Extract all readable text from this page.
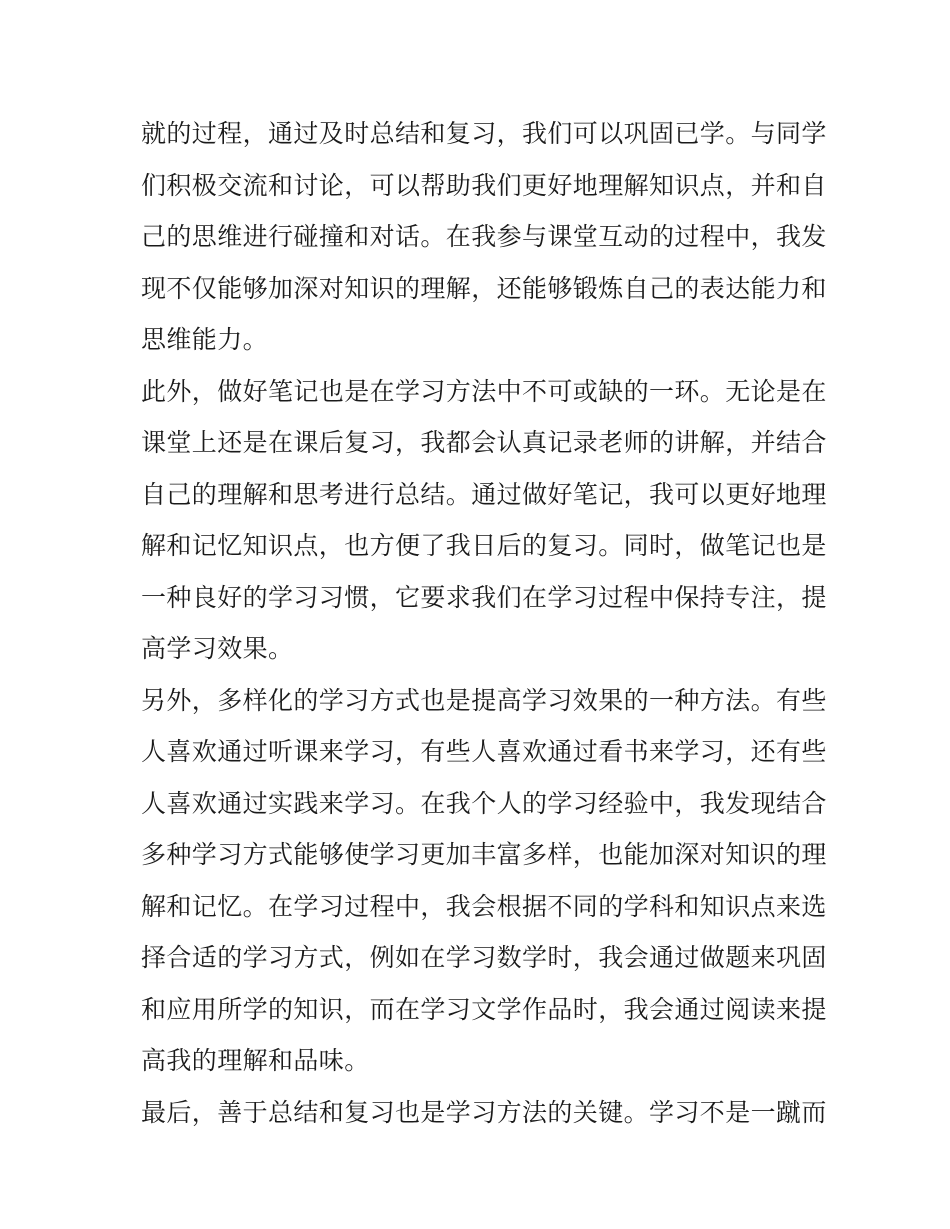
就的过程，通过及时总结和复习，我们可以巩固已学。与同学
们积极交流和讨论，可以帮助我们更好地理解知识点，并和自
己的思维进行碰撞和对话。在我参与课堂互动的过程中，我发
现不仅能够加深对知识的理解，还能够锻炼自己的表达能力和
思维能力。
此外，做好笔记也是在学习方法中不可或缺的一环。无论是在
课堂上还是在课后复习，我都会认真记录老师的讲解，并结合
自己的理解和思考进行总结。通过做好笔记，我可以更好地理
解和记忆知识点，也方便了我日后的复习。同时，做笔记也是
一种良好的学习习惯，它要求我们在学习过程中保持专注，提
高学习效果。
另外，多样化的学习方式也是提高学习效果的一种方法。有些
人喜欢通过听课来学习，有些人喜欢通过看书来学习，还有些
人喜欢通过实践来学习。在我个人的学习经验中，我发现结合
多种学习方式能够使学习更加丰富多样，也能加深对知识的理
解和记忆。在学习过程中，我会根据不同的学科和知识点来选
择合适的学习方式，例如在学习数学时，我会通过做题来巩固
和应用所学的知识，而在学习文学作品时，我会通过阅读来提
高我的理解和品味。
最后，善于总结和复习也是学习方法的关键。学习不是一蹴而
